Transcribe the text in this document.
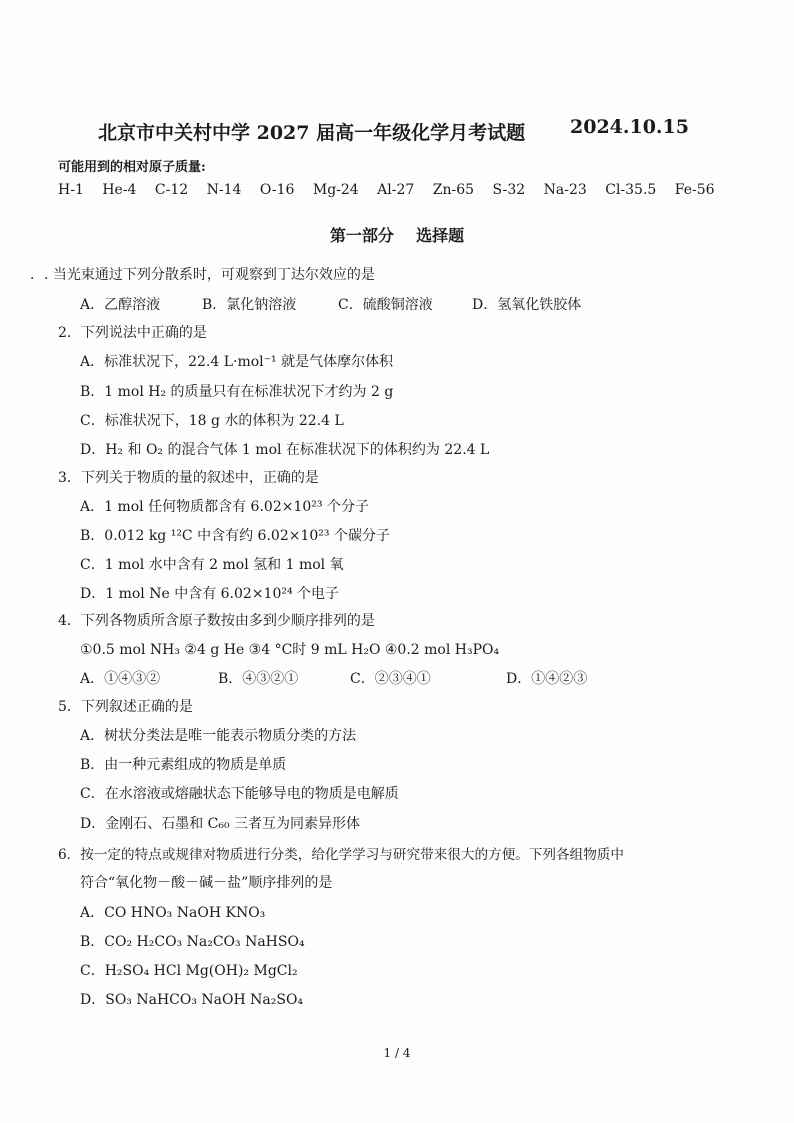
北京市中关村中学 2027 届高一年级化学月考试题 2024.10.15
可能用到的相对原子质量:
H-1 He-4 C-12 N-14 O-16 Mg-24 Al-27 Zn-65 S-32 Na-23 Cl-35.5 Fe-56
第一部分    选择题
．. 当光束通过下列分散系时，可观察到丁达尔效应的是
A．乙醇溶液	B．氯化钠溶液	C．硫酸铜溶液	D．氢氧化铁胶体
2．下列说法中正确的是
A．标准状况下，22.4 L·mol⁻¹ 就是气体摩尔体积
B．1 mol H₂ 的质量只有在标准状况下才约为 2 g
C．标准状况下，18 g 水的体积为 22.4 L
D．H₂ 和 O₂ 的混合气体 1 mol 在标准状况下的体积约为 22.4 L
3．下列关于物质的量的叙述中，正确的是
A．1 mol 任何物质都含有 6.02×10²³ 个分子
B．0.012 kg ¹²C 中含有约 6.02×10²³ 个碳分子
C．1 mol 水中含有 2 mol 氢和 1 mol 氧
D．1 mol Ne 中含有 6.02×10²⁴ 个电子
4．下列各物质所含原子数按由多到少顺序排列的是
①0.5 mol NH₃ ②4 g He ③4 °C时 9 mL H₂O ④0.2 mol H₃PO₄
A．①④③②	B．④③②①	C．②③④①	D．①④②③
5．下列叙述正确的是
A．树状分类法是唯一能表示物质分类的方法
B．由一种元素组成的物质是单质
C．在水溶液或熔融状态下能够导电的物质是电解质
D．金刚石、石墨和 C₆₀ 三者互为同素异形体
6．按一定的特点或规律对物质进行分类，给化学学习与研究带来很大的方便。下列各组物质中
符合“氧化物－酸－碱－盐”顺序排列的是
A．CO HNO₃ NaOH KNO₃
B．CO₂ H₂CO₃ Na₂CO₃ NaHSO₄
C．H₂SO₄ HCl Mg(OH)₂ MgCl₂
D．SO₃ NaHCO₃ NaOH Na₂SO₄
1 / 4
